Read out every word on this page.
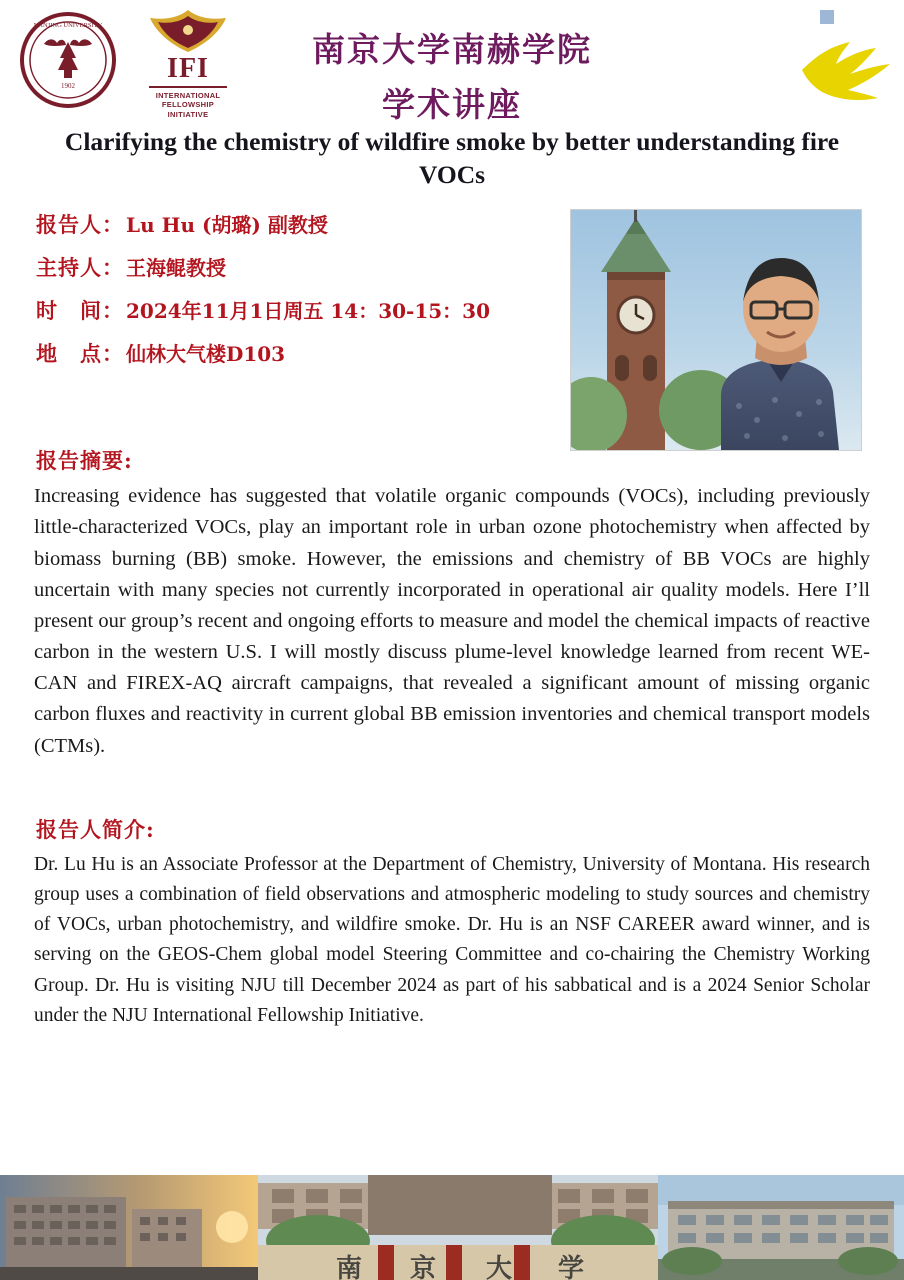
1902
NANJING UNIVERSITY
IFI
INTERNATIONAL
FELLOWSHIP
INITIATIVE
南京大学南赫学院
学术讲座
Clarifying the chemistry of wildfire smoke by better understanding fire VOCs
报告人： Lu Hu (胡璐) 副教授
主持人： 王海鲲教授
时　间： 2024年11月1日周五 14：30-15：30
地　点： 仙林大气楼D103
报告摘要:
Increasing evidence has suggested that volatile organic compounds (VOCs), including previously little-characterized VOCs, play an important role in urban ozone photochemistry when affected by biomass burning (BB) smoke. However, the emissions and chemistry of BB VOCs are highly uncertain with many species not currently incorporated in operational air quality models. Here I’ll present our group’s recent and ongoing efforts to measure and model the chemical impacts of reactive carbon in the western U.S. I will mostly discuss plume-level knowledge learned from recent WE-CAN and FIREX-AQ aircraft campaigns, that revealed a significant amount of missing organic carbon fluxes and reactivity in current global BB emission inventories and chemical transport models (CTMs).
报告人简介:
Dr. Lu Hu is an Associate Professor at the Department of Chemistry, University of Montana. His research group uses a combination of field observations and atmospheric modeling to study sources and chemistry of VOCs, urban photochemistry, and wildfire smoke. Dr. Hu is an NSF CAREER award winner, and is serving on the GEOS-Chem global model Steering Committee and co-chairing the Chemistry Working Group. Dr. Hu is visiting NJU till December 2024 as part of his sabbatical and is a 2024 Senior Scholar under the NJU International Fellowship Initiative.
南 京 大 学
